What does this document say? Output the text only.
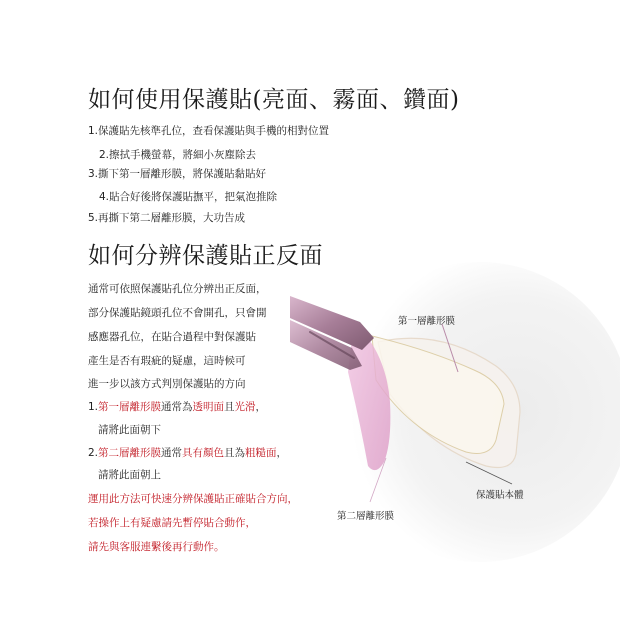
如何使用保護貼(亮面、霧面、鑽面)
1.保護貼先核準孔位，查看保護貼與手機的相對位置
2.擦拭手機螢幕，將細小灰塵除去
3.撕下第一層離形膜，將保護貼黏貼好
4.貼合好後將保護貼撫平，把氣泡推除
5.再撕下第二層離形膜，大功告成
如何分辨保護貼正反面
第一層離形膜
保護貼本體
第二層離形膜
通常可依照保護貼孔位分辨出正反面，
部分保護貼鏡頭孔位不會開孔，只會開
感應器孔位，在貼合過程中對保護貼
產生是否有瑕疵的疑慮，這時候可
進一步以該方式判別保護貼的方向
1.第一層離形膜通常為透明面且光滑，
請將此面朝下
2.第二層離形膜通常具有顏色且為粗糙面，
請將此面朝上
運用此方法可快速分辨保護貼正確貼合方向，
若操作上有疑慮請先暫停貼合動作，
請先與客服連繫後再行動作。
